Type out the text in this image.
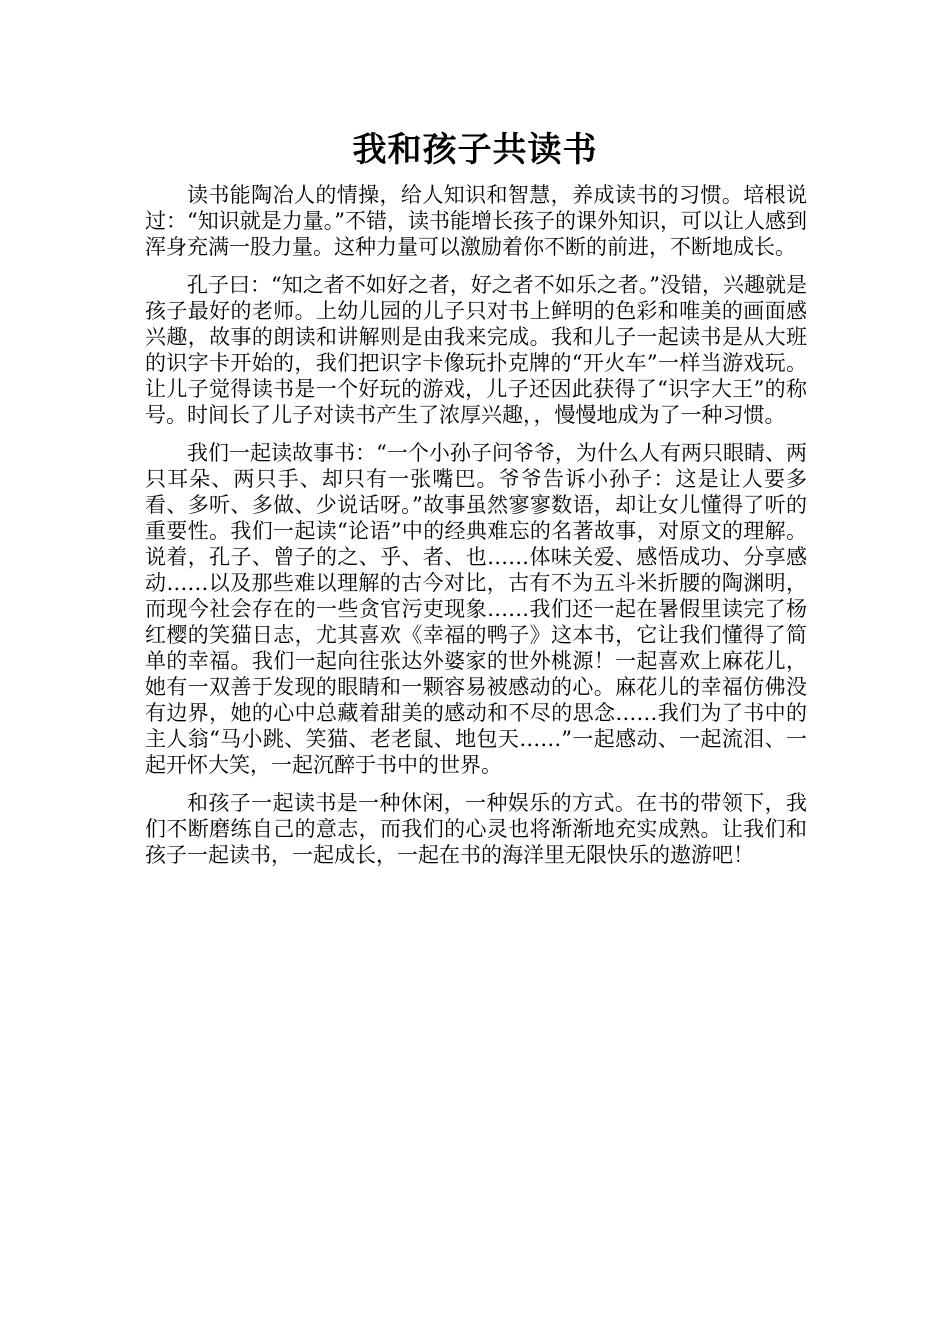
我和孩子共读书

读书能陶冶人的情操，给人知识和智慧，养成读书的习惯。培根说过：“知识就是力量。”不错，读书能增长孩子的课外知识，可以让人感到浑身充满一股力量。这种力量可以激励着你不断的前进，不断地成长。

孔子曰：“知之者不如好之者，好之者不如乐之者。”没错，兴趣就是孩子最好的老师。上幼儿园的儿子只对书上鲜明的色彩和唯美的画面感兴趣，故事的朗读和讲解则是由我来完成。我和儿子一起读书是从大班的识字卡开始的，我们把识字卡像玩扑克牌的“开火车”一样当游戏玩。让儿子觉得读书是一个好玩的游戏，儿子还因此获得了“识字大王”的称号。时间长了儿子对读书产生了浓厚兴趣，，慢慢地成为了一种习惯。

我们一起读故事书：“一个小孙子问爷爷，为什么人有两只眼睛、两只耳朵、两只手、却只有一张嘴巴。爷爷告诉小孙子：这是让人要多看、多听、多做、少说话呀。”故事虽然寥寥数语，却让女儿懂得了听的重要性。我们一起读“论语”中的经典难忘的名著故事，对原文的理解。说着，孔子、曾子的之、乎、者、也……体味关爱、感悟成功、分享感动……以及那些难以理解的古今对比，古有不为五斗米折腰的陶渊明，而现今社会存在的一些贪官污吏现象……我们还一起在暑假里读完了杨红樱的笑猫日志，尤其喜欢《幸福的鸭子》这本书，它让我们懂得了简单的幸福。我们一起向往张达外婆家的世外桃源！一起喜欢上麻花儿，她有一双善于发现的眼睛和一颗容易被感动的心。麻花儿的幸福仿佛没有边界，她的心中总藏着甜美的感动和不尽的思念……我们为了书中的主人翁“马小跳、笑猫、老老鼠、地包天……”一起感动、一起流泪、一起开怀大笑，一起沉醉于书中的世界。

和孩子一起读书是一种休闲，一种娱乐的方式。在书的带领下，我们不断磨练自己的意志，而我们的心灵也将渐渐地充实成熟。让我们和孩子一起读书，一起成长，一起在书的海洋里无限快乐的遨游吧！
